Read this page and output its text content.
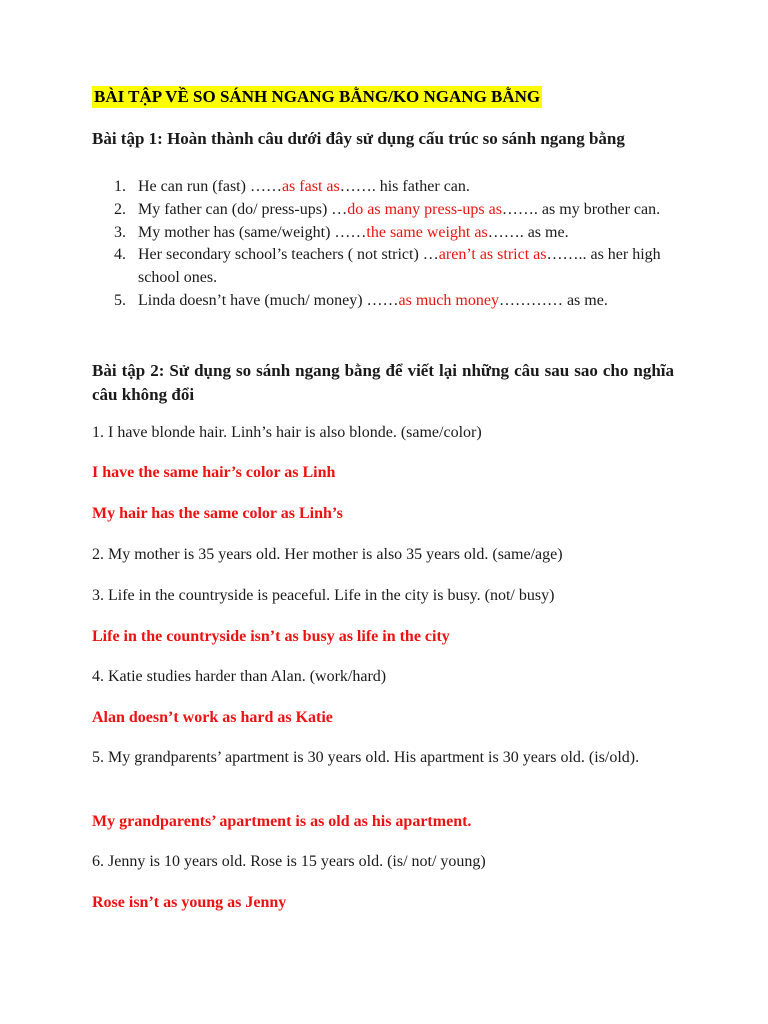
BÀI TẬP VỀ SO SÁNH NGANG BẰNG/KO NGANG BẰNG
Bài tập 1: Hoàn thành câu dưới đây sử dụng cấu trúc so sánh ngang bằng
1. He can run (fast) ……as fast as……. his father can.
2. My father can (do/ press-ups) …do as many press-ups as……. as my brother can.
3. My mother has (same/weight) ……the same weight as……. as me.
4. Her secondary school’s teachers ( not strict) …aren’t as strict as…….. as her high school ones.
5. Linda doesn’t have (much/ money) ……as much money………… as me.
Bài tập 2: Sử dụng so sánh ngang bằng để viết lại những câu sau sao cho nghĩa câu không đổi

1. I have blonde hair. Linh’s hair is also blonde. (same/color)

I have the same hair’s color as Linh

My hair has the same color as Linh’s

2. My mother is 35 years old. Her mother is also 35 years old. (same/age)

3. Life in the countryside is peaceful. Life in the city is busy. (not/ busy)

Life in the countryside isn’t as busy as life in the city

4. Katie studies harder than Alan. (work/hard)

Alan doesn’t work as hard as Katie

5. My grandparents’ apartment is 30 years old. His apartment is 30 years old. (is/old).

My grandparents’ apartment is as old as his apartment.

6. Jenny is 10 years old. Rose is 15 years old. (is/ not/ young)

Rose isn’t as young as Jenny
